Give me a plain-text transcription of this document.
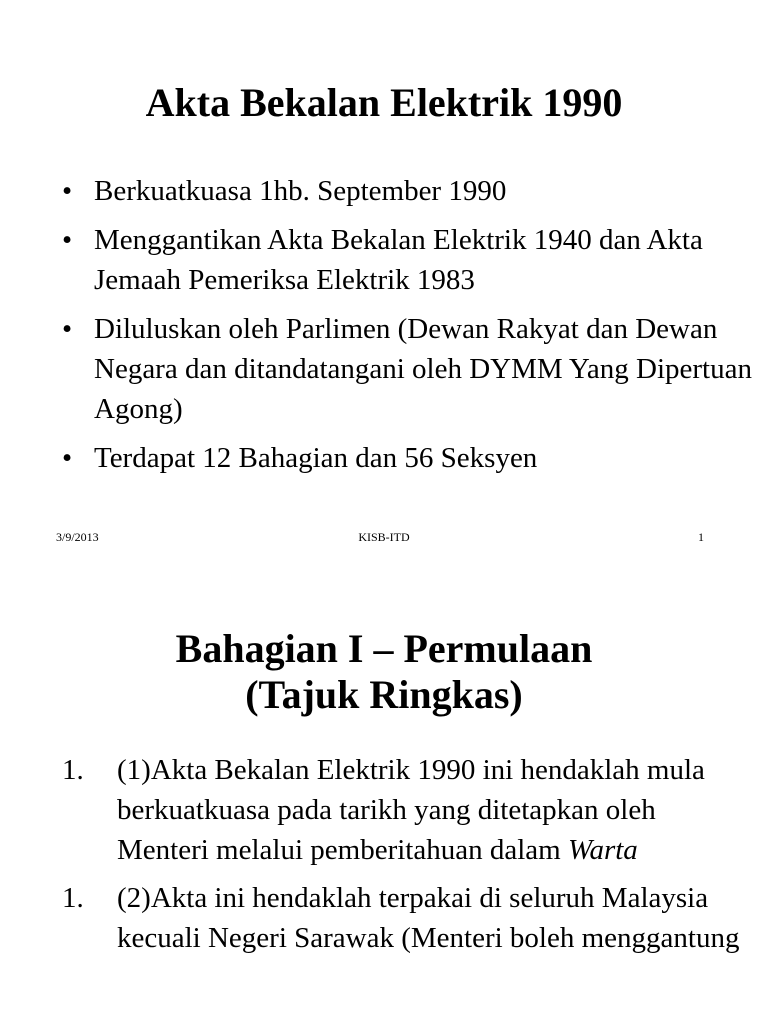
Akta Bekalan Elektrik 1990
• Berkuatkuasa 1hb. September 1990
• Menggantikan Akta Bekalan Elektrik 1940 dan Akta Jemaah Pemeriksa Elektrik 1983
• Diluluskan oleh Parlimen (Dewan Rakyat dan Dewan Negara dan ditandatangani oleh DYMM Yang Dipertuan Agong)
• Terdapat 12 Bahagian dan 56 Seksyen
3/9/2013	KISB-ITD	1
Bahagian I – Permulaan
(Tajuk Ringkas)
1. (1)Akta Bekalan Elektrik 1990 ini hendaklah mula berkuatkuasa pada tarikh yang ditetapkan oleh Menteri melalui pemberitahuan dalam Warta
1. (2)Akta ini hendaklah terpakai di seluruh Malaysia kecuali Negeri Sarawak (Menteri boleh menggantung
